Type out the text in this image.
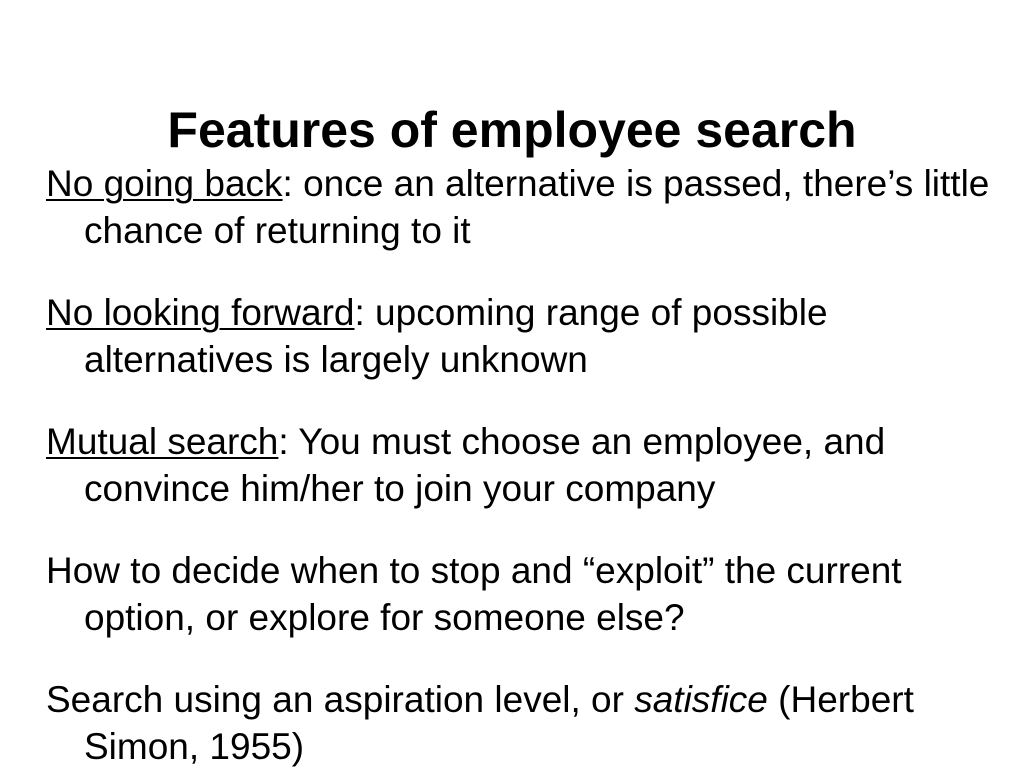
Features of employee search
No going back: once an alternative is passed, there’s little chance of returning to it
No looking forward: upcoming range of possible alternatives is largely unknown
Mutual search: You must choose an employee, and convince him/her to join your company
How to decide when to stop and “exploit” the current option, or explore for someone else?
Search using an aspiration level, or satisfice (Herbert Simon, 1955)
